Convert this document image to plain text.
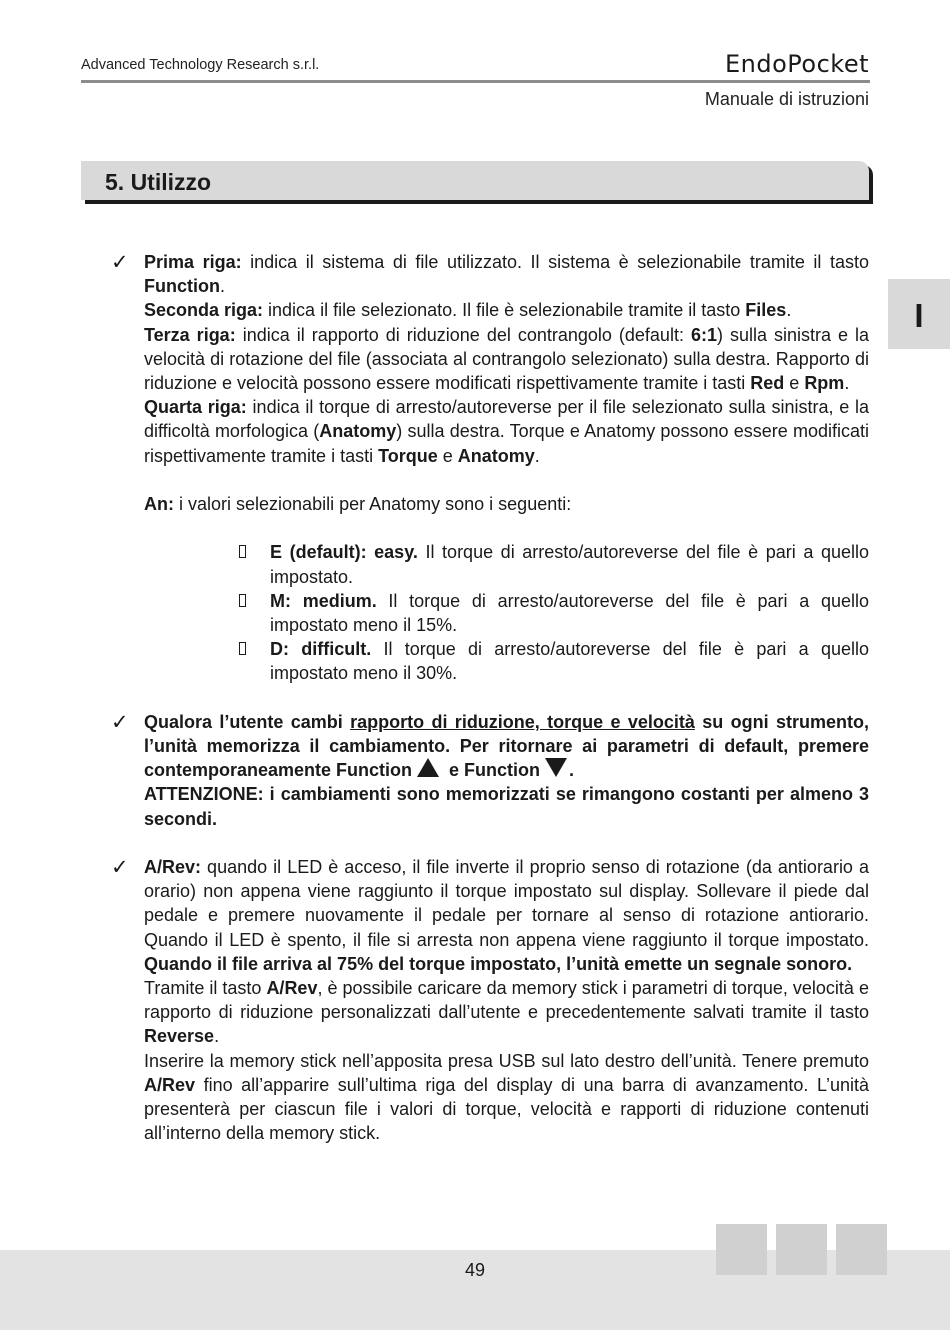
Advanced Technology Research s.r.l.	EndoPocket
Manuale di istruzioni
5. Utilizzo
I
✓ Prima riga: indica il sistema di file utilizzato. Il sistema è selezionabile tramite il tasto Function.

Seconda riga: indica il file selezionato. Il file è selezionabile tramite il tasto Files.

Terza riga: indica il rapporto di riduzione del contrangolo (default: 6:1) sulla sinistra e la velocità di rotazione del file (associata al contrangolo selezionato) sulla destra. Rapporto di riduzione e velocità possono essere modificati rispettivamente tramite i tasti Red e Rpm.

Quarta riga: indica il torque di arresto/autoreverse per il file selezionato sulla sinistra, e la difficoltà morfologica (Anatomy) sulla destra. Torque e Anatomy possono essere modificati rispettivamente tramite i tasti Torque e Anatomy.

An: i valori selezionabili per Anatomy sono i seguenti:

E (default): easy. Il torque di arresto/autoreverse del file è pari a quello impostato.

M: medium. Il torque di arresto/autoreverse del file è pari a quello impostato meno il 15%.

D: difficult. Il torque di arresto/autoreverse del file è pari a quello impostato meno il 30%.

✓ Qualora l’utente cambi rapporto di riduzione, torque e velocità su ogni strumento, l’unità memorizza il cambiamento. Per ritornare ai parametri di default, premere contemporaneamente Function e Function .

ATTENZIONE: i cambiamenti sono memorizzati se rimangono costanti per almeno 3 secondi.

✓ A/Rev: quando il LED è acceso, il file inverte il proprio senso di rotazione (da antiorario a orario) non appena viene raggiunto il torque impostato sul display. Sollevare il piede dal pedale e premere nuovamente il pedale per tornare al senso di rotazione antiorario. Quando il LED è spento, il file si arresta non appena viene raggiunto il torque impostato. Quando il file arriva al 75% del torque impostato, l’unità emette un segnale sonoro.

Tramite il tasto A/Rev, è possibile caricare da memory stick i parametri di torque, velocità e rapporto di riduzione personalizzati dall’utente e precedentemente salvati tramite il tasto Reverse.

Inserire la memory stick nell’apposita presa USB sul lato destro dell’unità. Tenere premuto A/Rev fino all’apparire sull’ultima riga del display di una barra di avanzamento. L’unità presenterà per ciascun file i valori di torque, velocità e rapporti di riduzione contenuti all’interno della memory stick.

49
